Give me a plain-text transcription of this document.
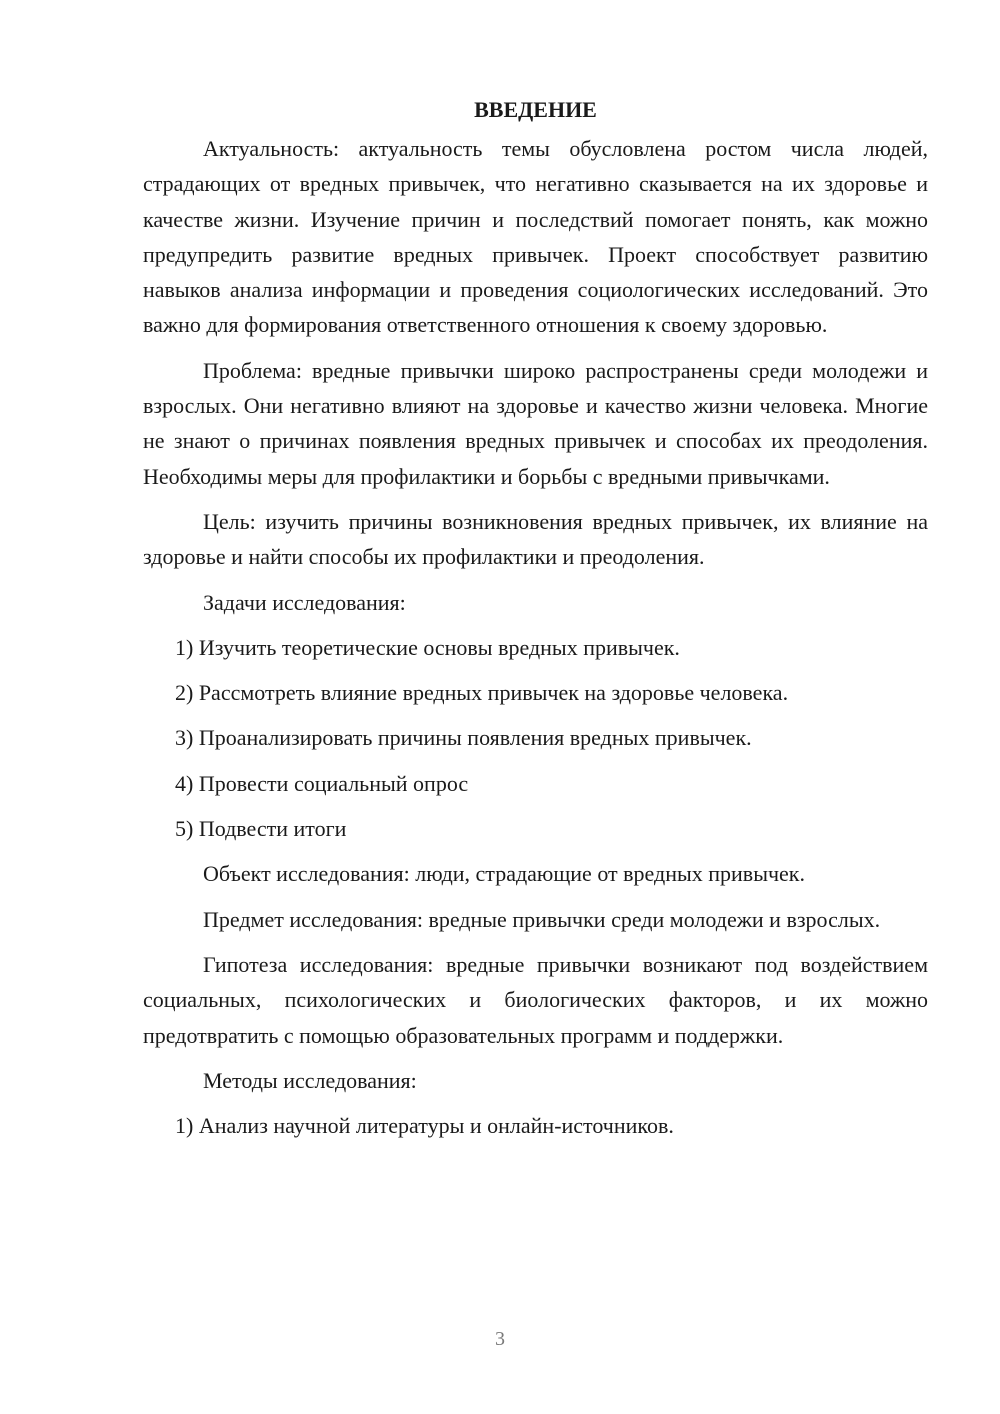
ВВЕДЕНИЕ

Актуальность: актуальность темы обусловлена ростом числа людей, страдающих от вредных привычек, что негативно сказывается на их здоровье и качестве жизни. Изучение причин и последствий помогает понять, как можно предупредить развитие вредных привычек. Проект способствует развитию навыков анализа информации и проведения социологических исследований. Это важно для формирования ответственного отношения к своему здоровью.

Проблема: вредные привычки широко распространены среди молодежи и взрослых. Они негативно влияют на здоровье и качество жизни человека. Многие не знают о причинах появления вредных привычек и способах их преодоления. Необходимы меры для профилактики и борьбы с вредными привычками.

Цель: изучить причины возникновения вредных привычек, их влияние на здоровье и найти способы их профилактики и преодоления.

Задачи исследования:

1) Изучить теоретические основы вредных привычек.
2) Рассмотреть влияние вредных привычек на здоровье человека.
3) Проанализировать причины появления вредных привычек.
4) Провести социальный опрос
5) Подвести итоги

Объект исследования: люди, страдающие от вредных привычек.

Предмет исследования: вредные привычки среди молодежи и взрослых.

Гипотеза исследования: вредные привычки возникают под воздействием социальных, психологических и биологических факторов, и их можно предотвратить с помощью образовательных программ и поддержки.

Методы исследования:

1) Анализ научной литературы и онлайн-источников.
3
